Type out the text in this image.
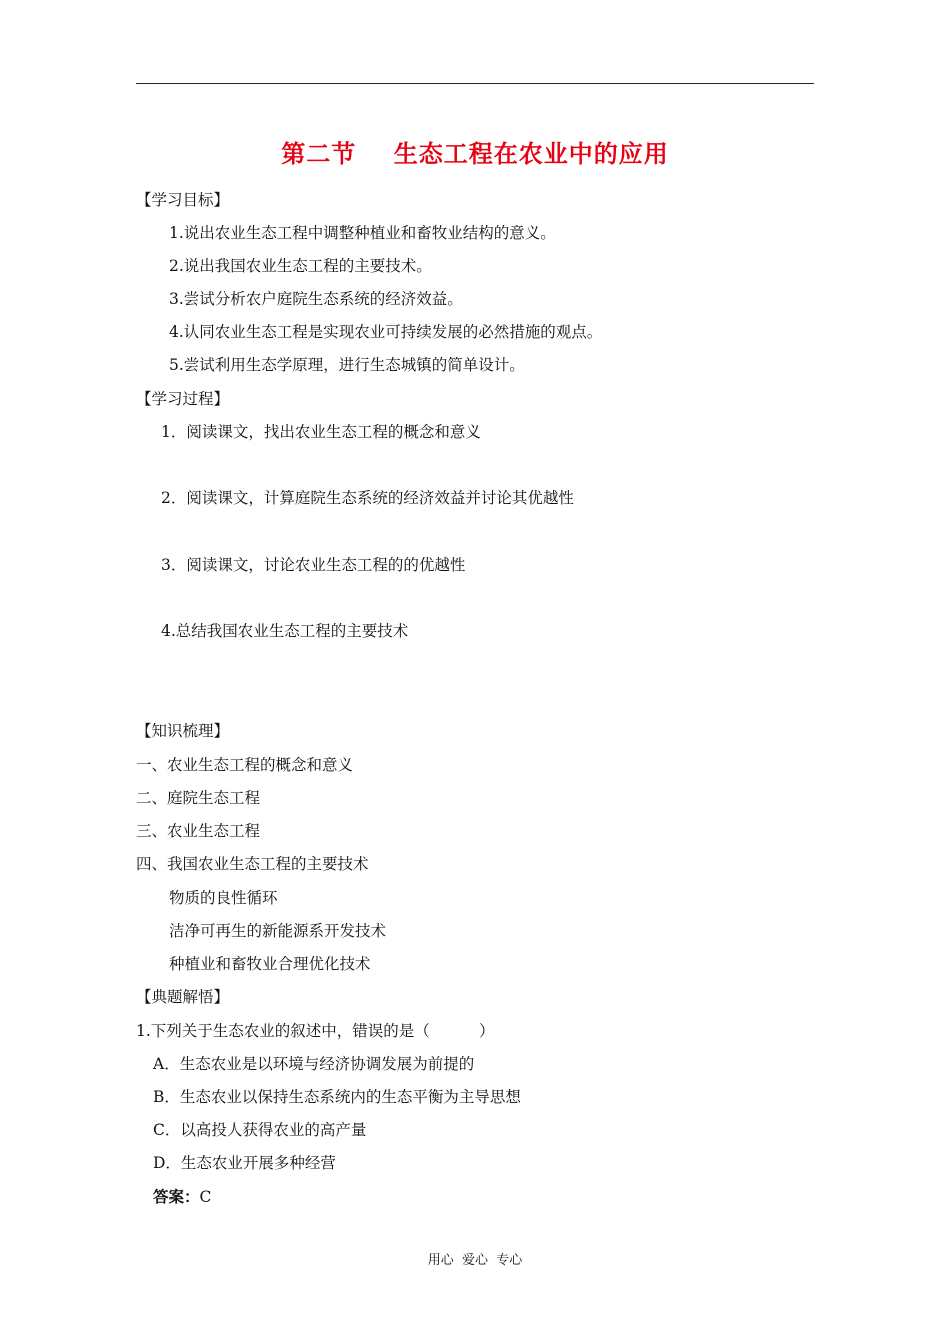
第二节    生态工程在农业中的应用
【学习目标】
1.说出农业生态工程中调整种植业和畜牧业结构的意义。
2.说出我国农业生态工程的主要技术。
3.尝试分析农户庭院生态系统的经济效益。
4.认同农业生态工程是实现农业可持续发展的必然措施的观点。
5.尝试利用生态学原理，进行生态城镇的简单设计。
【学习过程】
1．阅读课文，找出农业生态工程的概念和意义
2．阅读课文，计算庭院生态系统的经济效益并讨论其优越性
3．阅读课文，讨论农业生态工程的的优越性
4.总结我国农业生态工程的主要技术
【知识梳理】
一、农业生态工程的概念和意义
二、庭院生态工程
三、农业生态工程
四、我国农业生态工程的主要技术
物质的良性循环
洁净可再生的新能源系开发技术
种植业和畜牧业合理优化技术
【典题解悟】
1.下列关于生态农业的叙述中，错误的是（          ）
A．生态农业是以环境与经济协调发展为前提的
B．生态农业以保持生态系统内的生态平衡为主导思想
C．以高投人获得农业的高产量
D．生态农业开展多种经营
答案：C
用心  爱心  专心
